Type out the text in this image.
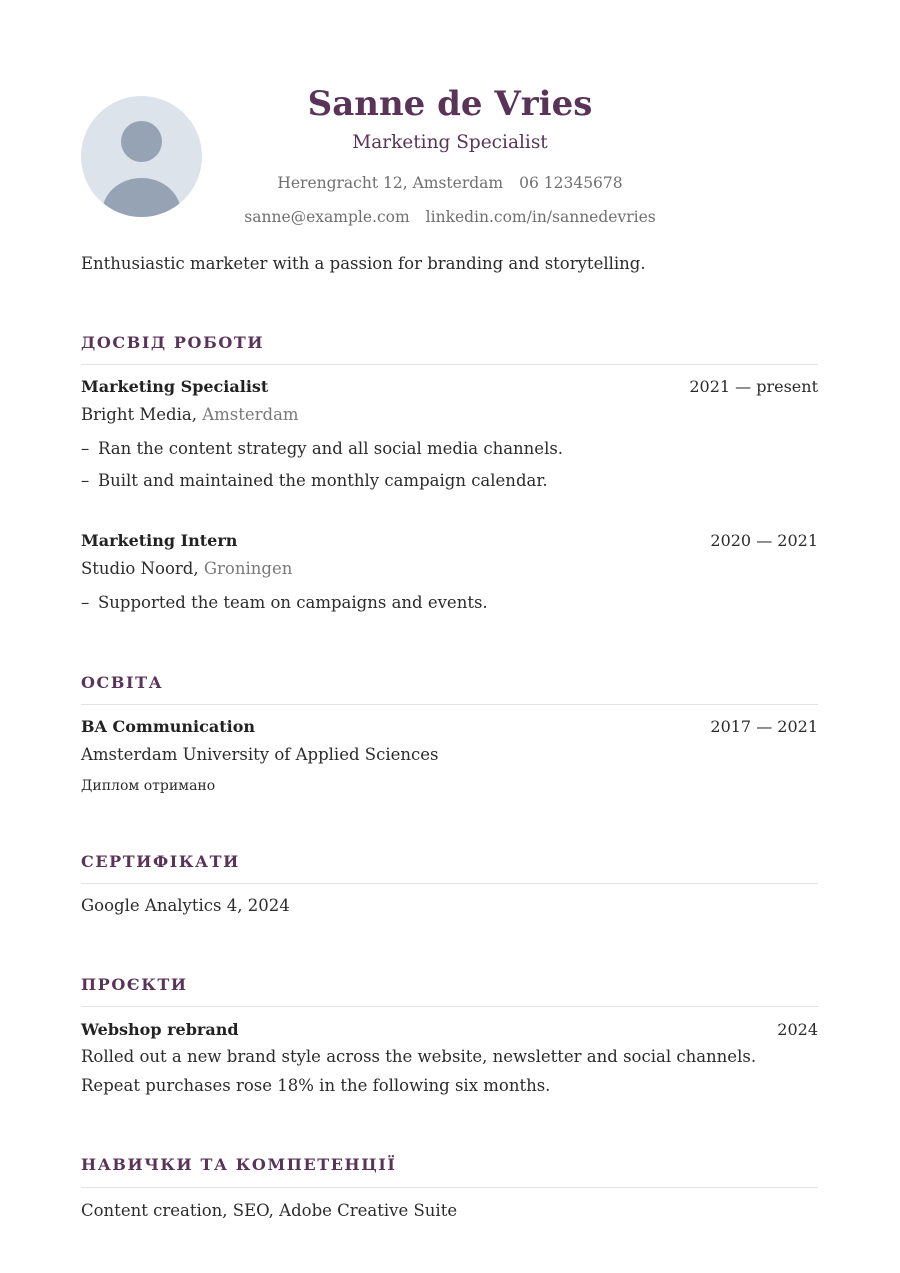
Sanne de Vries
Marketing Specialist
Herengracht 12, Amsterdam 06 12345678
sanne@example.com linkedin.com/in/sannedevries
Enthusiastic marketer with a passion for branding and storytelling.
ДОСВІД РОБОТИ
Marketing Specialist	2021 — present
Bright Media, Amsterdam
– Ran the content strategy and all social media channels.
– Built and maintained the monthly campaign calendar.
Marketing Intern	2020 — 2021
Studio Noord, Groningen
– Supported the team on campaigns and events.
ОСВІТА
BA Communication	2017 — 2021
Amsterdam University of Applied Sciences
Диплом отримано
СЕРТИФІКАТИ
Google Analytics 4, 2024
ПРОЄКТИ
Webshop rebrand	2024
Rolled out a new brand style across the website, newsletter and social channels. Repeat purchases rose 18% in the following six months.
НАВИЧКИ ТА КОМПЕТЕНЦІЇ
Content creation, SEO, Adobe Creative Suite
